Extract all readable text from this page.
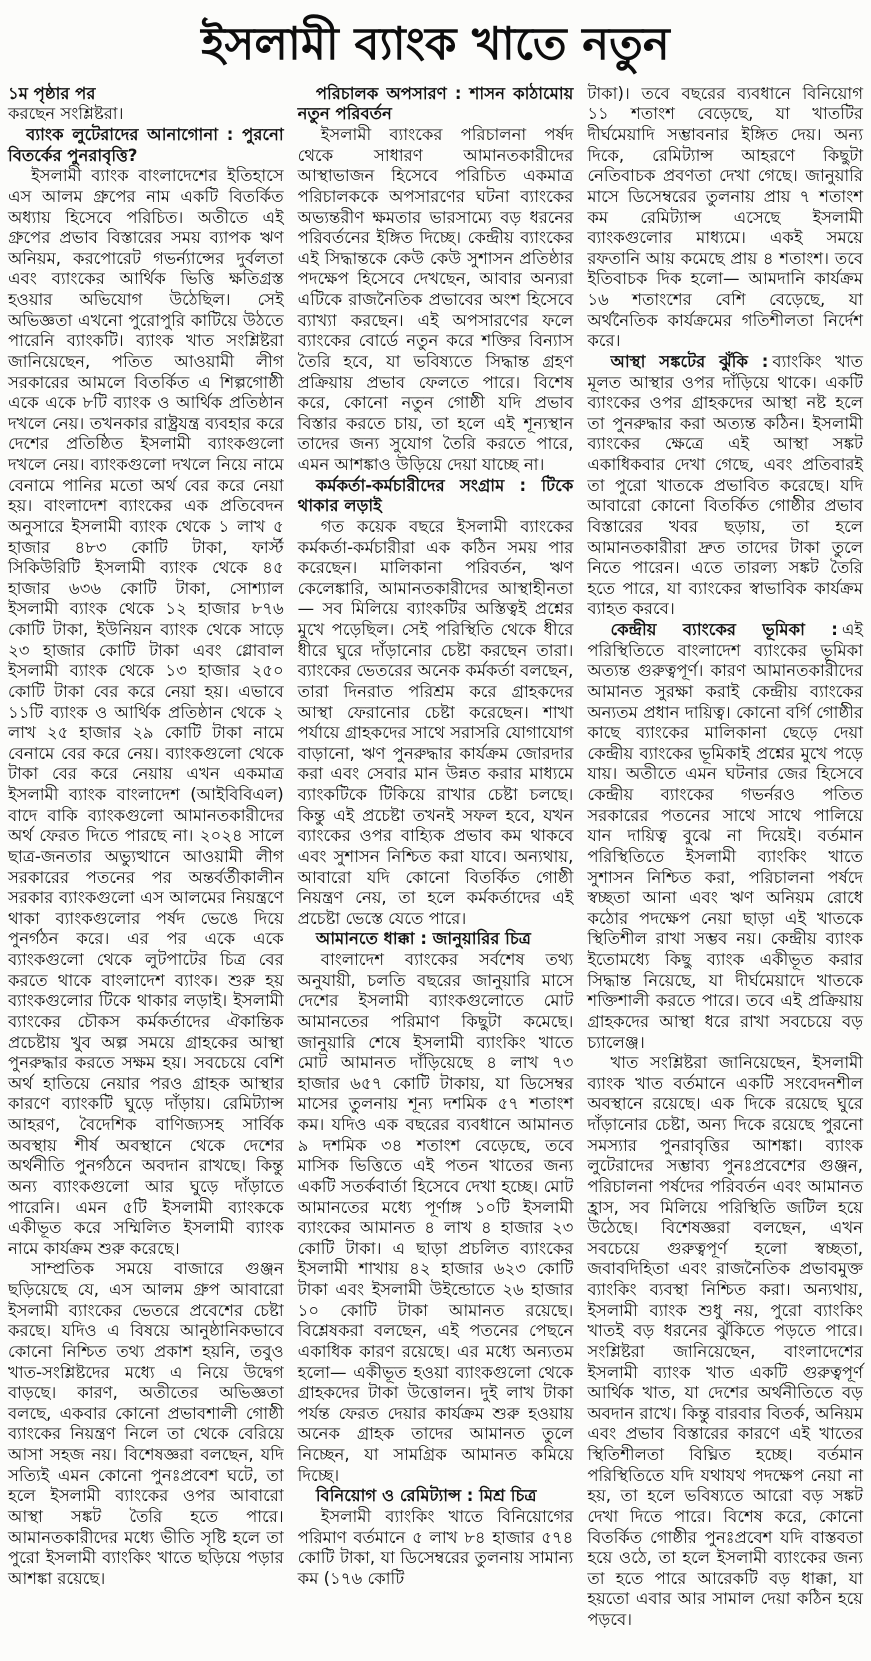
ইসলামী ব্যাংক খাতে নতুন

১ম পৃষ্ঠার পর

করছেন সংশ্লিষ্টরা।

ব্যাংক লুটেরাদের আনাগোনা : পুরনো বিতর্কের পুনরাবৃত্তি?

ইসলামী ব্যাংক বাংলাদেশের ইতিহাসে এস আলম গ্রুপের নাম একটি বিতর্কিত অধ্যায় হিসেবে পরিচিত। অতীতে এই গ্রুপের প্রভাব বিস্তারের সময় ব্যাপক ঋণ অনিয়ম, করপোরেট গভর্ন্যান্সের দুর্বলতা এবং ব্যাংকের আর্থিক ভিত্তি ক্ষতিগ্রস্ত হওয়ার অভিযোগ উঠেছিল। সেই অভিজ্ঞতা এখনো পুরোপুরি কাটিয়ে উঠতে পারেনি ব্যাংকটি। ব্যাংক খাত সংশ্লিষ্টরা জানিয়েছেন, পতিত আওয়ামী লীগ সরকারের আমলে বিতর্কিত এ শিল্পগোষ্ঠী একে একে ৮টি ব্যাংক ও আর্থিক প্রতিষ্ঠান দখলে নেয়। তখনকার রাষ্ট্রযন্ত্র ব্যবহার করে দেশের প্রতিষ্ঠিত ইসলামী ব্যাংকগুলো দখলে নেয়। ব্যাংকগুলো দখলে নিয়ে নামে বেনামে পানির মতো অর্থ বের করে নেয়া হয়। বাংলাদেশ ব্যাংকের এক প্রতিবেদন অনুসারে ইসলামী ব্যাংক থেকে ১ লাখ ৫ হাজার ৪৮৩ কোটি টাকা, ফার্স্ট সিকিউরিটি ইসলামী ব্যাংক থেকে ৪৫ হাজার ৬৩৬ কোটি টাকা, সোশ্যাল ইসলামী ব্যাংক থেকে ১২ হাজার ৮৭৬ কোটি টাকা, ইউনিয়ন ব্যাংক থেকে সাড়ে ২৩ হাজার কোটি টাকা এবং গ্লোবাল ইসলামী ব্যাংক থেকে ১৩ হাজার ২৫০ কোটি টাকা বের করে নেয়া হয়। এভাবে ১১টি ব্যাংক ও আর্থিক প্রতিষ্ঠান থেকে ২ লাখ ২৫ হাজার ২৯ কোটি টাকা নামে বেনামে বের করে নেয়। ব্যাংকগুলো থেকে টাকা বের করে নেয়ায় এখন একমাত্র ইসলামী ব্যাংক বাংলাদেশ (আইবিবিএল) বাদে বাকি ব্যাংকগুলো আমানতকারীদের অর্থ ফেরত দিতে পারছে না। ২০২৪ সালে ছাত্র-জনতার অভ্যুত্থানে আওয়ামী লীগ সরকারের পতনের পর অন্তর্বর্তীকালীন সরকার ব্যাংকগুলো এস আলমের নিয়ন্ত্রণে থাকা ব্যাংকগুলোর পর্ষদ ভেঙে দিয়ে পুনর্গঠন করে। এর পর একে একে ব্যাংকগুলো থেকে লুটপাটের চিত্র বের করতে থাকে বাংলাদেশ ব্যাংক। শুরু হয় ব্যাংকগুলোর টিকে থাকার লড়াই। ইসলামী ব্যাংকের চৌকস কর্মকর্তাদের ঐকান্তিক প্রচেষ্টায় খুব অল্প সময়ে গ্রাহকের আস্থা পুনরুদ্ধার করতে সক্ষম হয়। সবচেয়ে বেশি অর্থ হাতিয়ে নেয়ার পরও গ্রাহক আস্থার কারণে ব্যাংকটি ঘুড়ে দাঁড়ায়। রেমিট্যান্স আহরণ, বৈদেশিক বাণিজ্যসহ সার্বিক অবস্থায় শীর্ষ অবস্থানে থেকে দেশের অর্থনীতি পুনর্গঠনে অবদান রাখছে। কিন্তু অন্য ব্যাংকগুলো আর ঘুড়ে দাঁড়াতে পারেনি। এমন ৫টি ইসলামী ব্যাংককে একীভূত করে সম্মিলিত ইসলামী ব্যাংক নামে কার্যক্রম শুরু করেছে।

সাম্প্রতিক সময়ে বাজারে গুঞ্জন ছড়িয়েছে যে, এস আলম গ্রুপ আবারো ইসলামী ব্যাংকের ভেতরে প্রবেশের চেষ্টা করছে। যদিও এ বিষয়ে আনুষ্ঠানিকভাবে কোনো নিশ্চিত তথ্য প্রকাশ হয়নি, তবুও খাত-সংশ্লিষ্টদের মধ্যে এ নিয়ে উদ্বেগ বাড়ছে। কারণ, অতীতের অভিজ্ঞতা বলছে, একবার কোনো প্রভাবশালী গোষ্ঠী ব্যাংকের নিয়ন্ত্রণ নিলে তা থেকে বেরিয়ে আসা সহজ নয়। বিশেষজ্ঞরা বলছেন, যদি সত্যিই এমন কোনো পুনঃপ্রবেশ ঘটে, তা হলে ইসলামী ব্যাংকের ওপর আবারো আস্থা সঙ্কট তৈরি হতে পারে। আমানতকারীদের মধ্যে ভীতি সৃষ্টি হলে তা পুরো ইসলামী ব্যাংকিং খাতে ছড়িয়ে পড়ার আশঙ্কা রয়েছে।

পরিচালক অপসারণ : শাসন কাঠামোয় নতুন পরিবর্তন

ইসলামী ব্যাংকের পরিচালনা পর্ষদ থেকে সাধারণ আমানতকারীদের আস্থাভাজন হিসেবে পরিচিত একমাত্র পরিচালককে অপসারণের ঘটনা ব্যাংকের অভ্যন্তরীণ ক্ষমতার ভারসাম্যে বড় ধরনের পরিবর্তনের ইঙ্গিত দিচ্ছে। কেন্দ্রীয় ব্যাংকের এই সিদ্ধান্তকে কেউ কেউ সুশাসন প্রতিষ্ঠার পদক্ষেপ হিসেবে দেখছেন, আবার অন্যরা এটিকে রাজনৈতিক প্রভাবের অংশ হিসেবে ব্যাখ্যা করছেন। এই অপসারণের ফলে ব্যাংকের বোর্ডে নতুন করে শক্তির বিন্যাস তৈরি হবে, যা ভবিষ্যতে সিদ্ধান্ত গ্রহণ প্রক্রিয়ায় প্রভাব ফেলতে পারে। বিশেষ করে, কোনো নতুন গোষ্ঠী যদি প্রভাব বিস্তার করতে চায়, তা হলে এই শূন্যস্থান তাদের জন্য সুযোগ তৈরি করতে পারে, এমন আশঙ্কাও উড়িয়ে দেয়া যাচ্ছে না।

কর্মকর্তা-কর্মচারীদের সংগ্রাম : টিকে থাকার লড়াই

গত কয়েক বছরে ইসলামী ব্যাংকের কর্মকর্তা-কর্মচারীরা এক কঠিন সময় পার করেছেন। মালিকানা পরিবর্তন, ঋণ কেলেঙ্কারি, আমানতকারীদের আস্থাহীনতা— সব মিলিয়ে ব্যাংকটির অস্তিত্বই প্রশ্নের মুখে পড়েছিল। সেই পরিস্থিতি থেকে ধীরে ধীরে ঘুরে দাঁড়ানোর চেষ্টা করছেন তারা। ব্যাংকের ভেতরের অনেক কর্মকর্তা বলছেন, তারা দিনরাত পরিশ্রম করে গ্রাহকদের আস্থা ফেরানোর চেষ্টা করেছেন। শাখা পর্যায়ে গ্রাহকদের সাথে সরাসরি যোগাযোগ বাড়ানো, ঋণ পুনরুদ্ধার কার্যক্রম জোরদার করা এবং সেবার মান উন্নত করার মাধ্যমে ব্যাংকটিকে টিকিয়ে রাখার চেষ্টা চলছে। কিন্তু এই প্রচেষ্টা তখনই সফল হবে, যখন ব্যাংকের ওপর বাহ্যিক প্রভাব কম থাকবে এবং সুশাসন নিশ্চিত করা যাবে। অন্যথায়, আবারো যদি কোনো বিতর্কিত গোষ্ঠী নিয়ন্ত্রণ নেয়, তা হলে কর্মকর্তাদের এই প্রচেষ্টা ভেস্তে যেতে পারে।

আমানতে ধাক্কা : জানুয়ারির চিত্র

বাংলাদেশ ব্যাংকের সর্বশেষ তথ্য অনুযায়ী, চলতি বছরের জানুয়ারি মাসে দেশের ইসলামী ব্যাংকগুলোতে মোট আমানতের পরিমাণ কিছুটা কমেছে। জানুয়ারি শেষে ইসলামী ব্যাংকিং খাতে মোট আমানত দাঁড়িয়েছে ৪ লাখ ৭৩ হাজার ৬৫৭ কোটি টাকায়, যা ডিসেম্বর মাসের তুলনায় শূন্য দশমিক ৫৭ শতাংশ কম। যদিও এক বছরের ব্যবধানে আমানত ৯ দশমিক ৩৪ শতাংশ বেড়েছে, তবে মাসিক ভিত্তিতে এই পতন খাতের জন্য একটি সতর্কবার্তা হিসেবে দেখা হচ্ছে। মোট আমানতের মধ্যে পূর্ণাঙ্গ ১০টি ইসলামী ব্যাংকের আমানত ৪ লাখ ৪ হাজার ২৩ কোটি টাকা। এ ছাড়া প্রচলিত ব্যাংকের ইসলামী শাখায় ৪২ হাজার ৬২৩ কোটি টাকা এবং ইসলামী উইন্ডোতে ২৬ হাজার ১০ কোটি টাকা আমানত রয়েছে। বিশ্লেষকরা বলছেন, এই পতনের পেছনে একাধিক কারণ রয়েছে। এর মধ্যে অন্যতম হলো— একীভূত হওয়া ব্যাংকগুলো থেকে গ্রাহকদের টাকা উত্তোলন। দুই লাখ টাকা পর্যন্ত ফেরত দেয়ার কার্যক্রম শুরু হওয়ায় অনেক গ্রাহক তাদের আমানত তুলে নিচ্ছেন, যা সামগ্রিক আমানত কমিয়ে দিচ্ছে।

বিনিয়োগ ও রেমিট্যান্স : মিশ্র চিত্র

ইসলামী ব্যাংকিং খাতে বিনিয়োগের পরিমাণ বর্তমানে ৫ লাখ ৮৪ হাজার ৫৭৪ কোটি টাকা, যা ডিসেম্বরের তুলনায় সামান্য কম (১৭৬ কোটি

টাকা)। তবে বছরের ব্যবধানে বিনিয়োগ ১১ শতাংশ বেড়েছে, যা খাতটির দীর্ঘমেয়াদি সম্ভাবনার ইঙ্গিত দেয়। অন্য দিকে, রেমিট্যান্স আহরণে কিছুটা নেতিবাচক প্রবণতা দেখা গেছে। জানুয়ারি মাসে ডিসেম্বরের তুলনায় প্রায় ৭ শতাংশ কম রেমিট্যান্স এসেছে ইসলামী ব্যাংকগুলোর মাধ্যমে। একই সময়ে রফতানি আয় কমেছে প্রায় ৪ শতাংশ। তবে ইতিবাচক দিক হলো— আমদানি কার্যক্রম ১৬ শতাংশের বেশি বেড়েছে, যা অর্থনৈতিক কার্যক্রমের গতিশীলতা নির্দেশ করে।

আস্থা সঙ্কটের ঝুঁকি : ব্যাংকিং খাত মূলত আস্থার ওপর দাঁড়িয়ে থাকে। একটি ব্যাংকের ওপর গ্রাহকদের আস্থা নষ্ট হলে তা পুনরুদ্ধার করা অত্যন্ত কঠিন। ইসলামী ব্যাংকের ক্ষেত্রে এই আস্থা সঙ্কট একাধিকবার দেখা গেছে, এবং প্রতিবারই তা পুরো খাতকে প্রভাবিত করেছে। যদি আবারো কোনো বিতর্কিত গোষ্ঠীর প্রভাব বিস্তারের খবর ছড়ায়, তা হলে আমানতকারীরা দ্রুত তাদের টাকা তুলে নিতে পারেন। এতে তারল্য সঙ্কট তৈরি হতে পারে, যা ব্যাংকের স্বাভাবিক কার্যক্রম ব্যাহত করবে।

কেন্দ্রীয় ব্যাংকের ভূমিকা : এই পরিস্থিতিতে বাংলাদেশ ব্যাংকের ভূমিকা অত্যন্ত গুরুত্বপূর্ণ। কারণ আমানতকারীদের আমানত সুরক্ষা করাই কেন্দ্রীয় ব্যাংকের অন্যতম প্রধান দায়িত্ব। কোনো বর্গি গোষ্ঠীর কাছে ব্যাংকের মালিকানা ছেড়ে দেয়া কেন্দ্রীয় ব্যাংকের ভূমিকাই প্রশ্নের মুখে পড়ে যায়। অতীতে এমন ঘটনার জের হিসেবে কেন্দ্রীয় ব্যাংকের গভর্নরও পতিত সরকারের পতনের সাথে সাথে পালিয়ে যান দায়িত্ব বুঝে না দিয়েই। বর্তমান পরিস্থিতিতে ইসলামী ব্যাংকিং খাতে সুশাসন নিশ্চিত করা, পরিচালনা পর্ষদে স্বচ্ছতা আনা এবং ঋণ অনিয়ম রোধে কঠোর পদক্ষেপ নেয়া ছাড়া এই খাতকে স্থিতিশীল রাখা সম্ভব নয়। কেন্দ্রীয় ব্যাংক ইতোমধ্যে কিছু ব্যাংক একীভূত করার সিদ্ধান্ত নিয়েছে, যা দীর্ঘমেয়াদে খাতকে শক্তিশালী করতে পারে। তবে এই প্রক্রিয়ায় গ্রাহকদের আস্থা ধরে রাখা সবচেয়ে বড় চ্যালেঞ্জ।

খাত সংশ্লিষ্টরা জানিয়েছেন, ইসলামী ব্যাংক খাত বর্তমানে একটি সংবেদনশীল অবস্থানে রয়েছে। এক দিকে রয়েছে ঘুরে দাঁড়ানোর চেষ্টা, অন্য দিকে রয়েছে পুরনো সমস্যার পুনরাবৃত্তির আশঙ্কা। ব্যাংক লুটেরাদের সম্ভাব্য পুনঃপ্রবেশের গুঞ্জন, পরিচালনা পর্ষদের পরিবর্তন এবং আমানত হ্রাস, সব মিলিয়ে পরিস্থিতি জটিল হয়ে উঠেছে। বিশেষজ্ঞরা বলছেন, এখন সবচেয়ে গুরুত্বপূর্ণ হলো স্বচ্ছতা, জবাবদিহিতা এবং রাজনৈতিক প্রভাবমুক্ত ব্যাংকিং ব্যবস্থা নিশ্চিত করা। অন্যথায়, ইসলামী ব্যাংক শুধু নয়, পুরো ব্যাংকিং খাতই বড় ধরনের ঝুঁকিতে পড়তে পারে। সংশ্লিষ্টরা জানিয়েছেন, বাংলাদেশের ইসলামী ব্যাংক খাত একটি গুরুত্বপূর্ণ আর্থিক খাত, যা দেশের অর্থনীতিতে বড় অবদান রাখে। কিন্তু বারবার বিতর্ক, অনিয়ম এবং প্রভাব বিস্তারের কারণে এই খাতের স্থিতিশীলতা বিঘ্নিত হচ্ছে। বর্তমান পরিস্থিতিতে যদি যথাযথ পদক্ষেপ নেয়া না হয়, তা হলে ভবিষ্যতে আরো বড় সঙ্কট দেখা দিতে পারে। বিশেষ করে, কোনো বিতর্কিত গোষ্ঠীর পুনঃপ্রবেশ যদি বাস্তবতা হয়ে ওঠে, তা হলে ইসলামী ব্যাংকের জন্য তা হতে পারে আরেকটি বড় ধাক্কা, যা হয়তো এবার আর সামাল দেয়া কঠিন হয়ে পড়বে।
